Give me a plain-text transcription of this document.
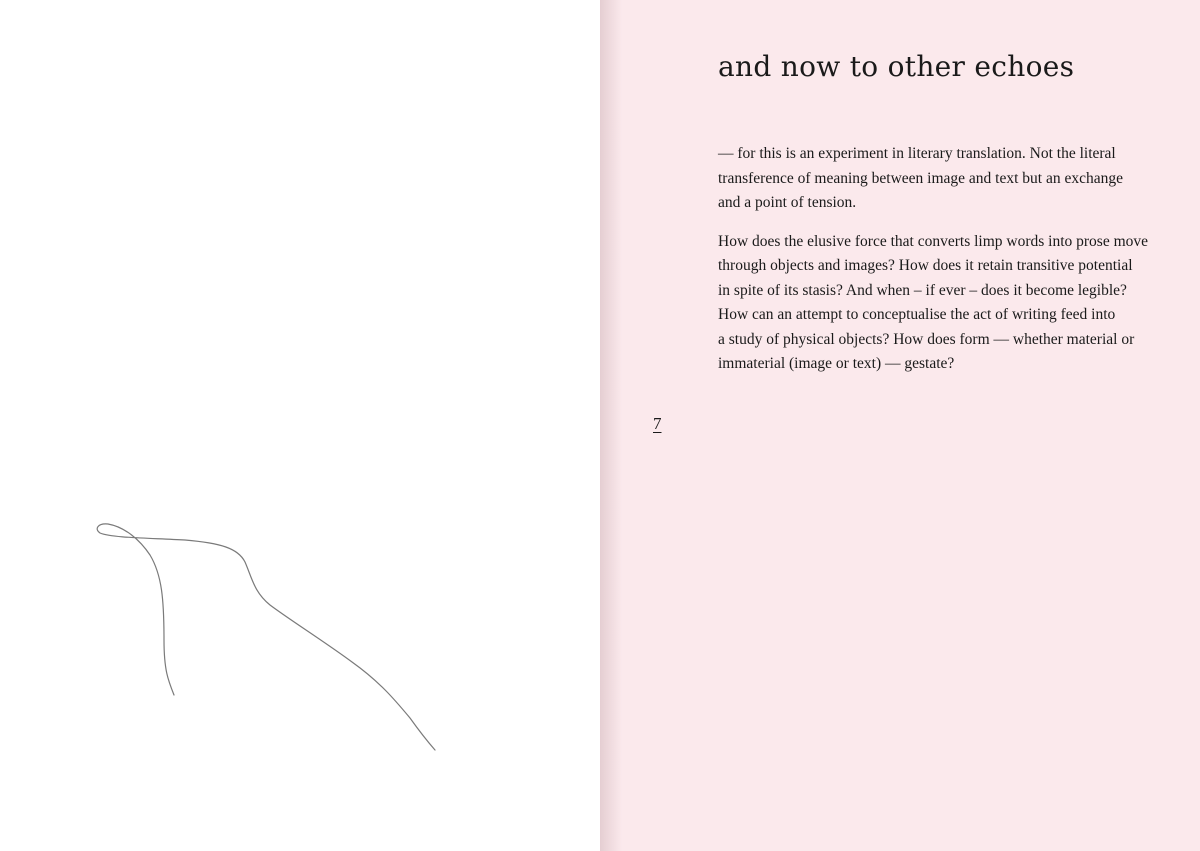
and now to other echoes

— for this is an experiment in literary translation. Not the literal
transference of meaning between image and text but an exchange
and a point of tension.

How does the elusive force that converts limp words into prose move
through objects and images? How does it retain transitive potential
in spite of its stasis? And when – if ever – does it become legible?
How can an attempt to conceptualise the act of writing feed into
a study of physical objects? How does form — whether material or
immaterial (image or text) — gestate?

7
